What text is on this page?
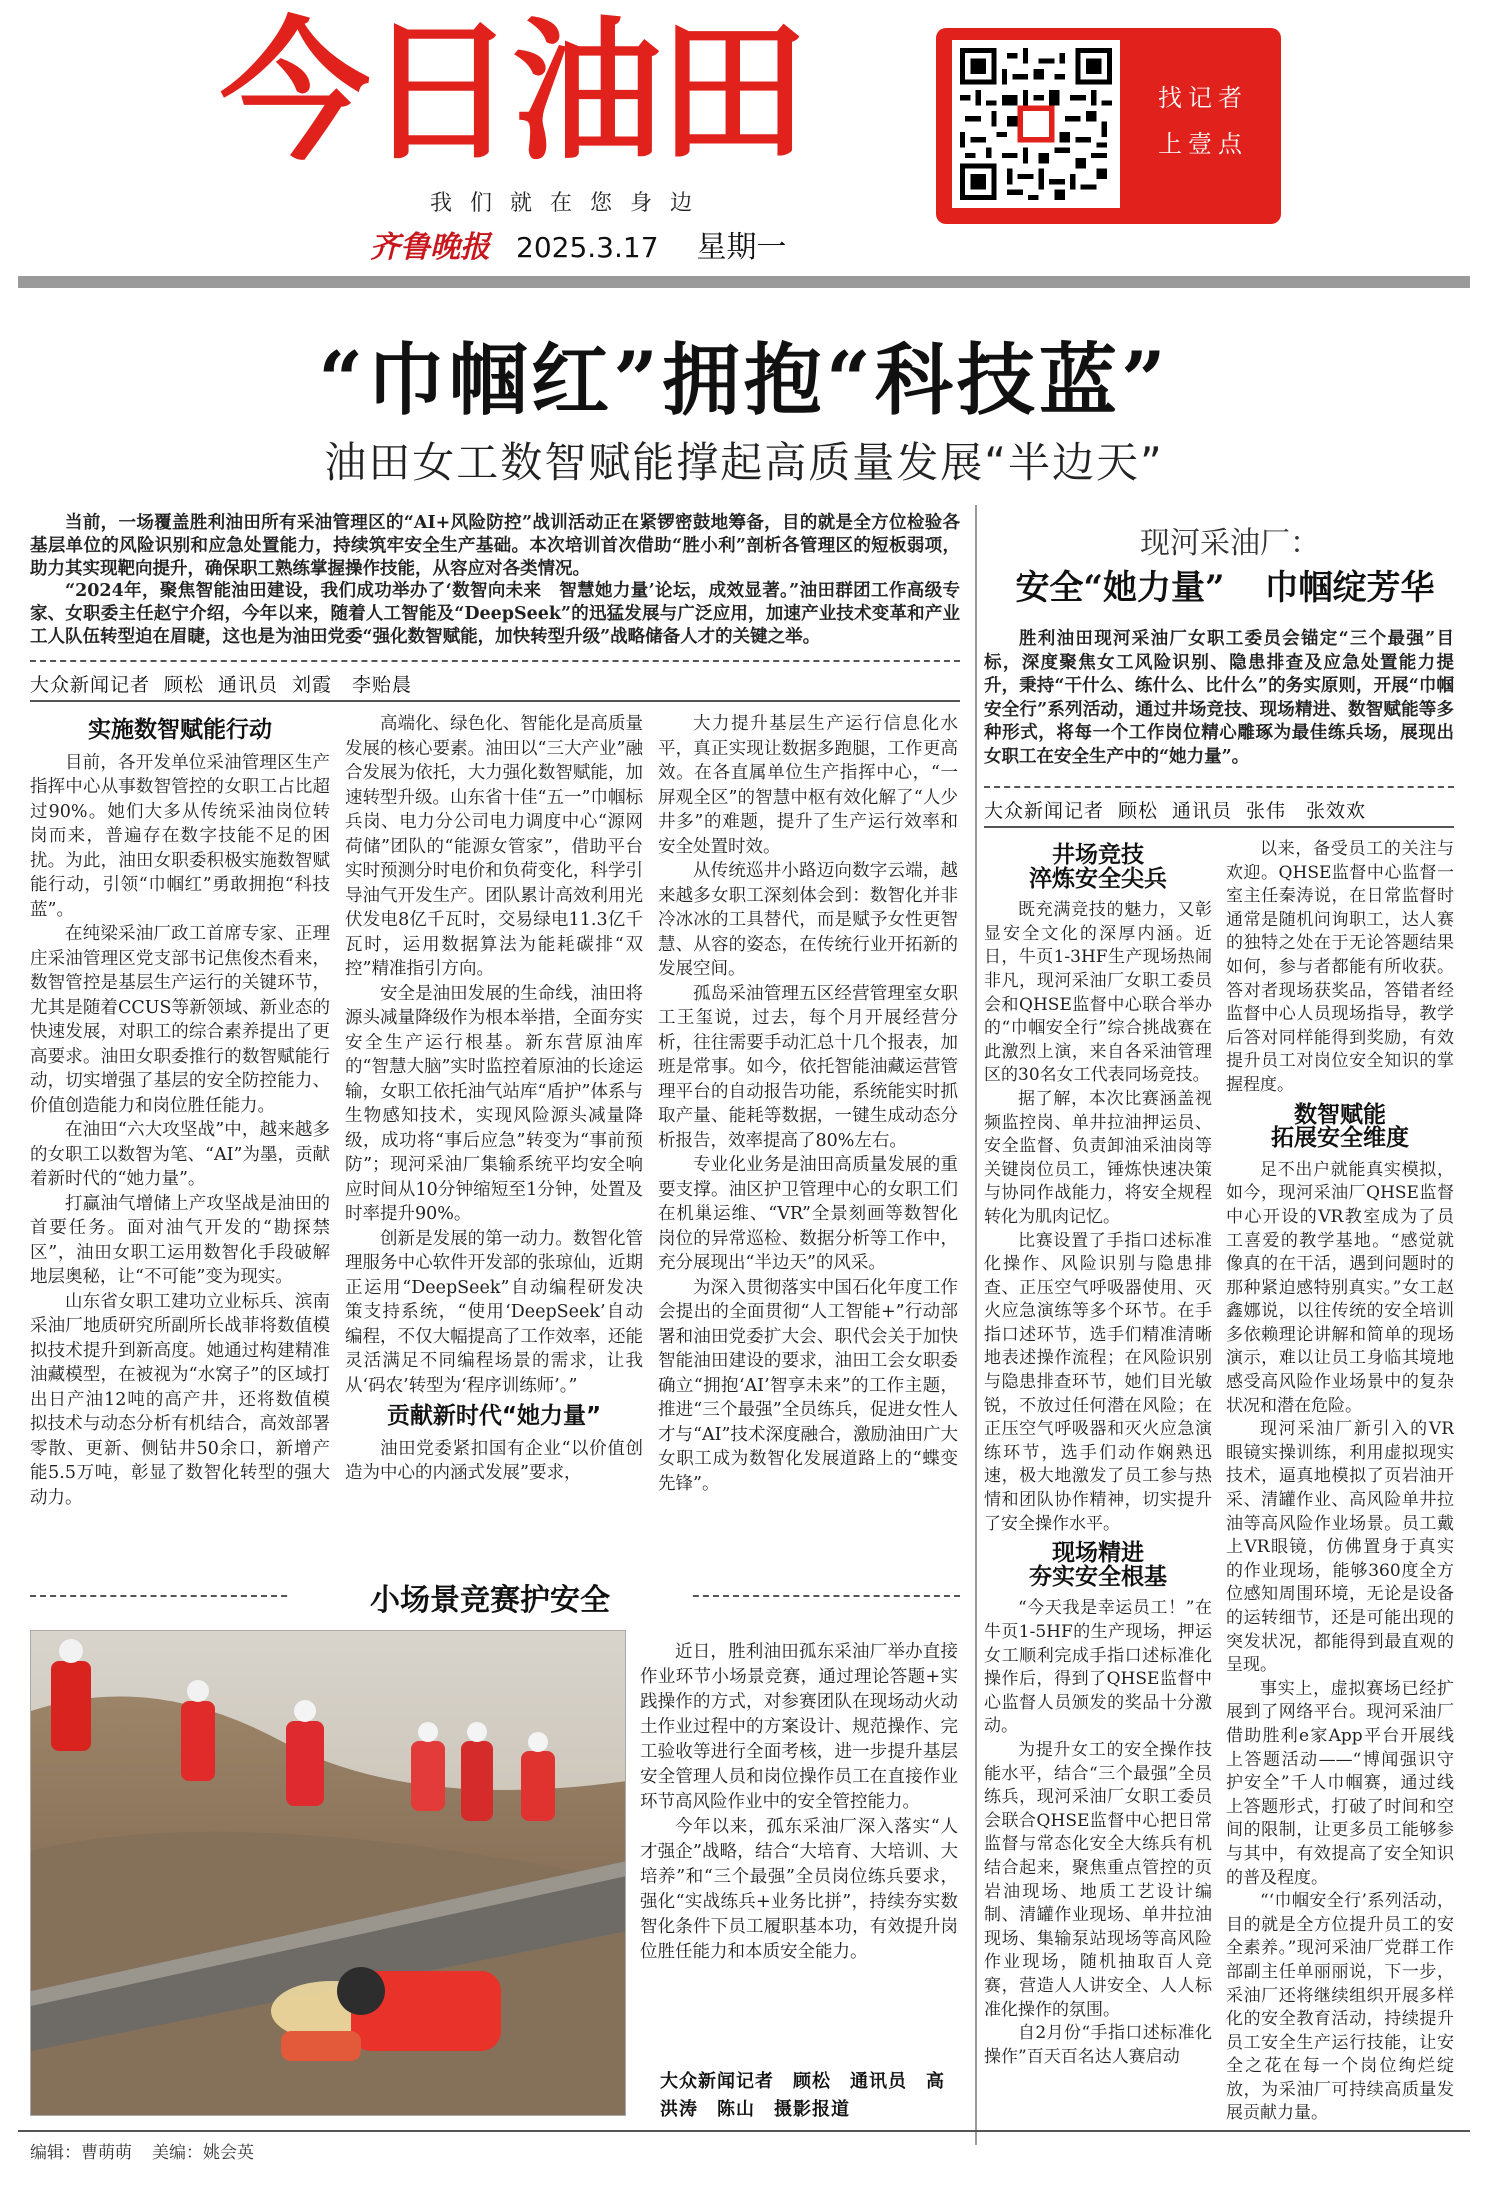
今日油田
我们就在您身边
齐鲁晚报 2025.3.17 星期一
找记者
上壹点
“巾帼红”拥抱“科技蓝”
油田女工数智赋能撑起高质量发展“半边天”
当前，一场覆盖胜利油田所有采油管理区的“AI+风险防控”战训活动正在紧锣密鼓地筹备，目的就是全方位检验各基层单位的风险识别和应急处置能力，持续筑牢安全生产基础。本次培训首次借助“胜小利”剖析各管理区的短板弱项，助力其实现靶向提升，确保职工熟练掌握操作技能，从容应对各类情况。
“2024年，聚焦智能油田建设，我们成功举办了‘数智向未来　智慧她力量’论坛，成效显著。”油田群团工作高级专家、女职委主任赵宁介绍，今年以来，随着人工智能及“DeepSeek”的迅猛发展与广泛应用，加速产业技术变革和产业工人队伍转型迫在眉睫，这也是为油田党委“强化数智赋能，加快转型升级”战略储备人才的关键之举。
大众新闻记者 顾松 通讯员 刘霞　李贻晨
实施数智赋能行动

目前，各开发单位采油管理区生产指挥中心从事数智管控的女职工占比超过90%。她们大多从传统采油岗位转岗而来，普遍存在数字技能不足的困扰。为此，油田女职委积极实施数智赋能行动，引领“巾帼红”勇敢拥抱“科技蓝”。

在纯梁采油厂政工首席专家、正理庄采油管理区党支部书记焦俊杰看来，数智管控是基层生产运行的关键环节，尤其是随着CCUS等新领域、新业态的快速发展，对职工的综合素养提出了更高要求。油田女职委推行的数智赋能行动，切实增强了基层的安全防控能力、价值创造能力和岗位胜任能力。

在油田“六大攻坚战”中，越来越多的女职工以数智为笔、“AI”为墨，贡献着新时代的“她力量”。

打赢油气增储上产攻坚战是油田的首要任务。面对油气开发的“勘探禁区”，油田女职工运用数智化手段破解地层奥秘，让“不可能”变为现实。

山东省女职工建功立业标兵、滨南采油厂地质研究所副所长战菲将数值模拟技术提升到新高度。她通过构建精准油藏模型，在被视为“水窝子”的区域打出日产油12吨的高产井，还将数值模拟技术与动态分析有机结合，高效部署零散、更新、侧钻井50余口，新增产能5.5万吨，彰显了数智化转型的强大动力。

高端化、绿色化、智能化是高质量发展的核心要素。油田以“三大产业”融合发展为依托，大力强化数智赋能，加速转型升级。山东省十佳“五一”巾帼标兵岗、电力分公司电力调度中心“源网荷储”团队的“能源女管家”，借助平台实时预测分时电价和负荷变化，科学引导油气开发生产。团队累计高效利用光伏发电8亿千瓦时，交易绿电11.3亿千瓦时，运用数据算法为能耗碳排“双控”精准指引方向。

安全是油田发展的生命线，油田将源头减量降级作为根本举措，全面夯实安全生产运行根基。新东营原油库的“智慧大脑”实时监控着原油的长途运输，女职工依托油气站库“盾护”体系与生物感知技术，实现风险源头减量降级，成功将“事后应急”转变为“事前预防”；现河采油厂集输系统平均安全响应时间从10分钟缩短至1分钟，处置及时率提升90%。

创新是发展的第一动力。数智化管理服务中心软件开发部的张琼仙，近期正运用“DeepSeek”自动编程研发决策支持系统，“使用‘DeepSeek’自动编程，不仅大幅提高了工作效率，还能灵活满足不同编程场景的需求，让我从‘码农’转型为‘程序训练师’。”

贡献新时代“她力量”

油田党委紧扣国有企业“以价值创造为中心的内涵式发展”要求，

大力提升基层生产运行信息化水平，真正实现让数据多跑腿，工作更高效。在各直属单位生产指挥中心，“一屏观全区”的智慧中枢有效化解了“人少井多”的难题，提升了生产运行效率和安全处置时效。

从传统巡井小路迈向数字云端，越来越多女职工深刻体会到：数智化并非冷冰冰的工具替代，而是赋予女性更智慧、从容的姿态，在传统行业开拓新的发展空间。

孤岛采油管理五区经营管理室女职工王玺说，过去，每个月开展经营分析，往往需要手动汇总十几个报表，加班是常事。如今，依托智能油藏运营管理平台的自动报告功能，系统能实时抓取产量、能耗等数据，一键生成动态分析报告，效率提高了80%左右。

专业化业务是油田高质量发展的重要支撑。油区护卫管理中心的女职工们在机巢运维、“VR”全景刻画等数智化岗位的异常巡检、数据分析等工作中，充分展现出“半边天”的风采。

为深入贯彻落实中国石化年度工作会提出的全面贯彻“人工智能+”行动部署和油田党委扩大会、职代会关于加快智能油田建设的要求，油田工会女职委确立“拥抱‘AI’智享未来”的工作主题，推进“三个最强”全员练兵，促进女性人才与“AI”技术深度融合，激励油田广大女职工成为数智化发展道路上的“蝶变先锋”。

现河采油厂：
安全“她力量” 巾帼绽芳华
胜利油田现河采油厂女职工委员会锚定“三个最强”目标，深度聚焦女工风险识别、隐患排查及应急处置能力提升，秉持“干什么、练什么、比什么”的务实原则，开展“巾帼安全行”系列活动，通过井场竞技、现场精进、数智赋能等多种形式，将每一个工作岗位精心雕琢为最佳练兵场，展现出女职工在安全生产中的“她力量”。
大众新闻记者 顾松 通讯员 张伟　张效欢
井场竞技
淬炼安全尖兵

既充满竞技的魅力，又彰显安全文化的深厚内涵。近日，牛页1-3HF生产现场热闹非凡，现河采油厂女职工委员会和QHSE监督中心联合举办的“巾帼安全行”综合挑战赛在此激烈上演，来自各采油管理区的30名女工代表同场竞技。

据了解，本次比赛涵盖视频监控岗、单井拉油押运员、安全监督、负责卸油采油岗等关键岗位员工，锤炼快速决策与协同作战能力，将安全规程转化为肌肉记忆。

比赛设置了手指口述标准化操作、风险识别与隐患排查、正压空气呼吸器使用、灭火应急演练等多个环节。在手指口述环节，选手们精准清晰地表述操作流程；在风险识别与隐患排查环节，她们目光敏锐，不放过任何潜在风险；在正压空气呼吸器和灭火应急演练环节，选手们动作娴熟迅速，极大地激发了员工参与热情和团队协作精神，切实提升了安全操作水平。

现场精进
夯实安全根基

“今天我是幸运员工！”在牛页1-5HF的生产现场，押运女工顺利完成手指口述标准化操作后，得到了QHSE监督中心监督人员颁发的奖品十分激动。

为提升女工的安全操作技能水平，结合“三个最强”全员练兵，现河采油厂女职工委员会联合QHSE监督中心把日常监督与常态化安全大练兵有机结合起来，聚焦重点管控的页岩油现场、地质工艺设计编制、清罐作业现场、单井拉油现场、集输泵站现场等高风险作业现场，随机抽取百人竞赛，营造人人讲安全、人人标准化操作的氛围。

自2月份“手指口述标准化操作”百天百名达人赛启动

以来，备受员工的关注与欢迎。QHSE监督中心监督一室主任秦涛说，在日常监督时通常是随机问询职工，达人赛的独特之处在于无论答题结果如何，参与者都能有所收获。答对者现场获奖品，答错者经监督中心人员现场指导，教学后答对同样能得到奖励，有效提升员工对岗位安全知识的掌握程度。

数智赋能
拓展安全维度

足不出户就能真实模拟，如今，现河采油厂QHSE监督中心开设的VR教室成为了员工喜爱的教学基地。“感觉就像真的在干活，遇到问题时的那种紧迫感特别真实。”女工赵鑫娜说，以往传统的安全培训多依赖理论讲解和简单的现场演示，难以让员工身临其境地感受高风险作业场景中的复杂状况和潜在危险。

现河采油厂新引入的VR眼镜实操训练，利用虚拟现实技术，逼真地模拟了页岩油开采、清罐作业、高风险单井拉油等高风险作业场景。员工戴上VR眼镜，仿佛置身于真实的作业现场，能够360度全方位感知周围环境，无论是设备的运转细节，还是可能出现的突发状况，都能得到最直观的呈现。

事实上，虚拟赛场已经扩展到了网络平台。现河采油厂借助胜利e家App平台开展线上答题活动——“博闻强识守护安全”千人巾帼赛，通过线上答题形式，打破了时间和空间的限制，让更多员工能够参与其中，有效提高了安全知识的普及程度。

“‘巾帼安全行’系列活动，目的就是全方位提升员工的安全素养。”现河采油厂党群工作部副主任单丽丽说，下一步，采油厂还将继续组织开展多样化的安全教育活动，持续提升员工安全生产运行技能，让安全之花在每一个岗位绚烂绽放，为采油厂可持续高质量发展贡献力量。

小场景竞赛护安全

近日，胜利油田孤东采油厂举办直接作业环节小场景竞赛，通过理论答题+实践操作的方式，对参赛团队在现场动火动土作业过程中的方案设计、规范操作、完工验收等进行全面考核，进一步提升基层安全管理人员和岗位操作员工在直接作业环节高风险作业中的安全管控能力。

今年以来，孤东采油厂深入落实“人才强企”战略，结合“大培育、大培训、大培养”和“三个最强”全员岗位练兵要求，强化“实战练兵+业务比拼”，持续夯实数智化条件下员工履职基本功，有效提升岗位胜任能力和本质安全能力。

大众新闻记者　顾松　通讯员　高洪涛　陈山　摄影报道
编辑：曹萌萌 美编：姚会英
